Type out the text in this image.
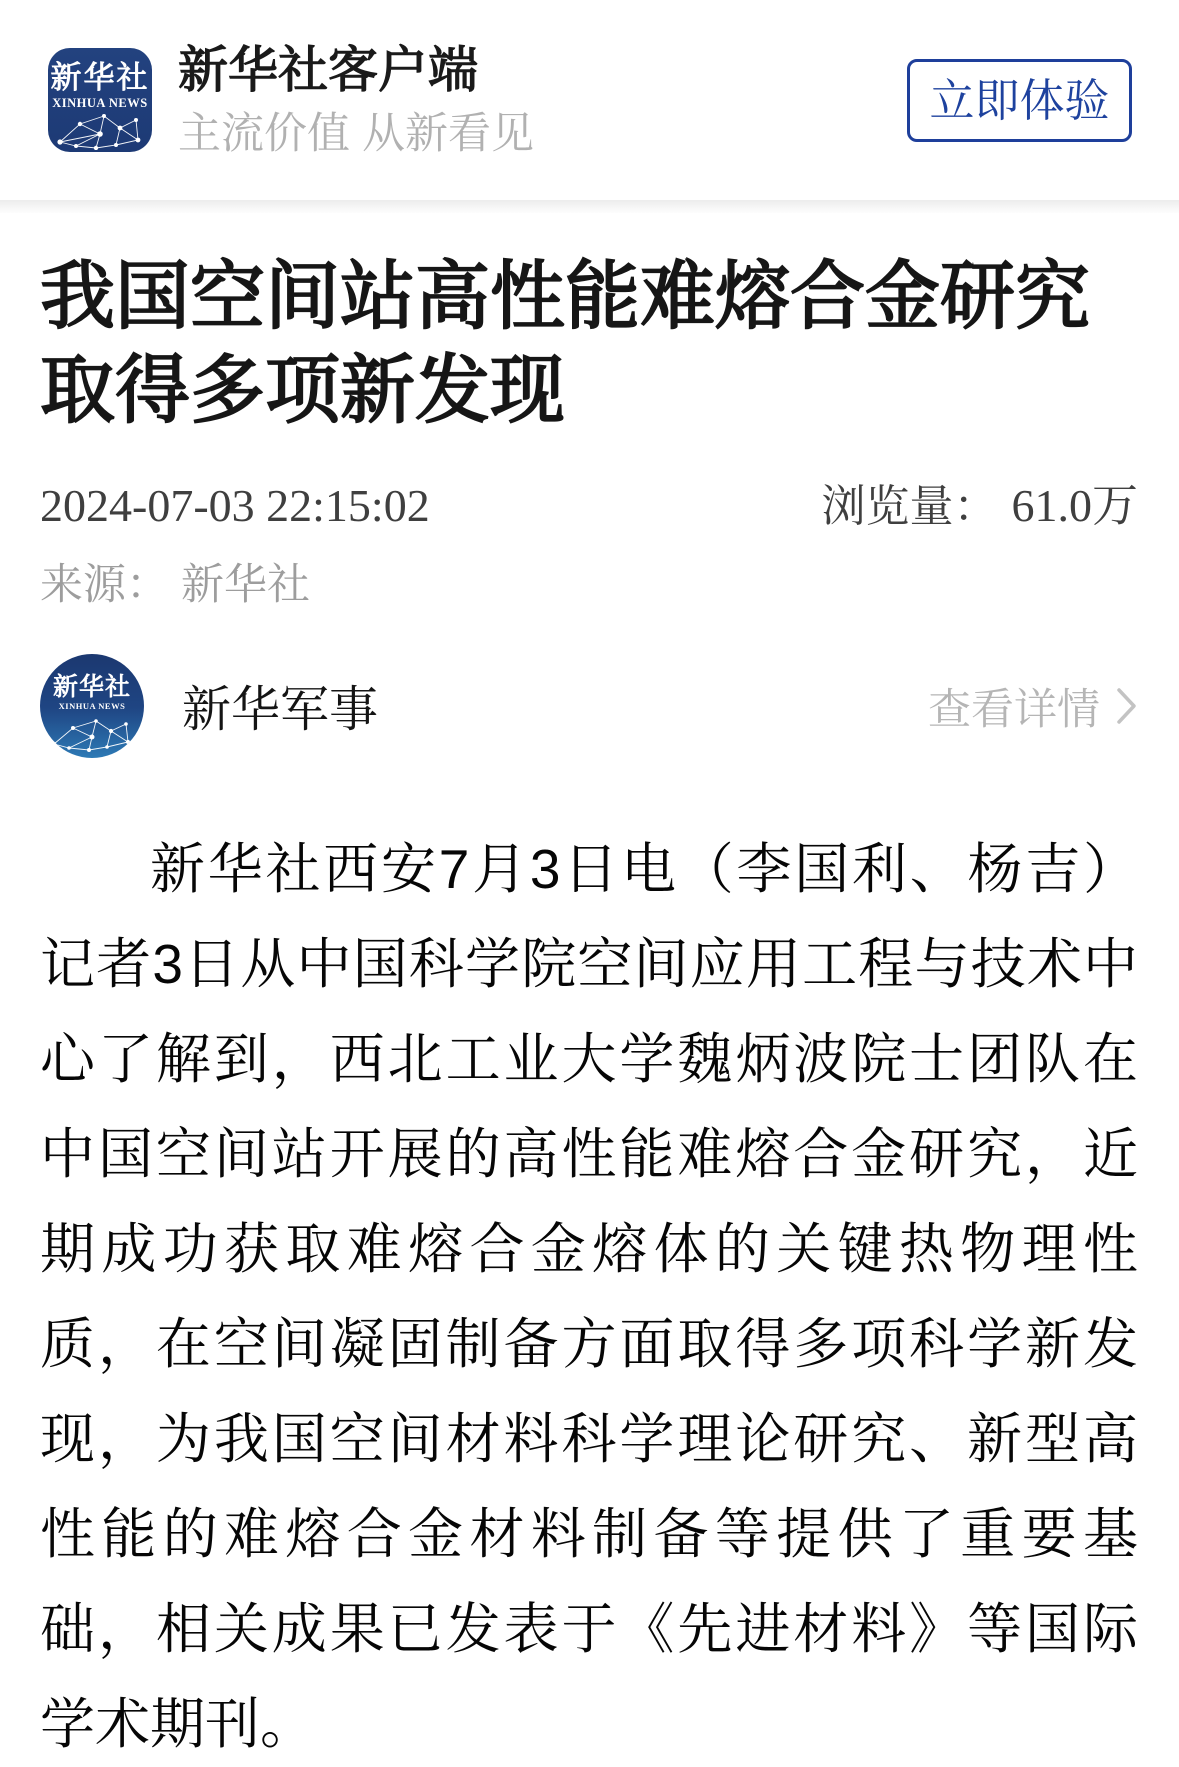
新华社
XINHUA NEWS
新华社客户端
主流价值 从新看见
立即体验
我国空间站高性能难熔合金研究
取得多项新发现
2024-07-03 22:15:02	浏览量： 61.0万
来源： 新华社
新华社
XINHUA NEWS	新华军事	查看详情

新华社西安7月3日电（李国利、杨吉）记者3日从中国科学院空间应用工程与技术中心了解到，西北工业大学魏炳波院士团队在中国空间站开展的高性能难熔合金研究，近期成功获取难熔合金熔体的关键热物理性质，在空间凝固制备方面取得多项科学新发现，为我国空间材料科学理论研究、新型高性能的难熔合金材料制备等提供了重要基础，相关成果已发表于《先进材料》等国际学术期刊。
